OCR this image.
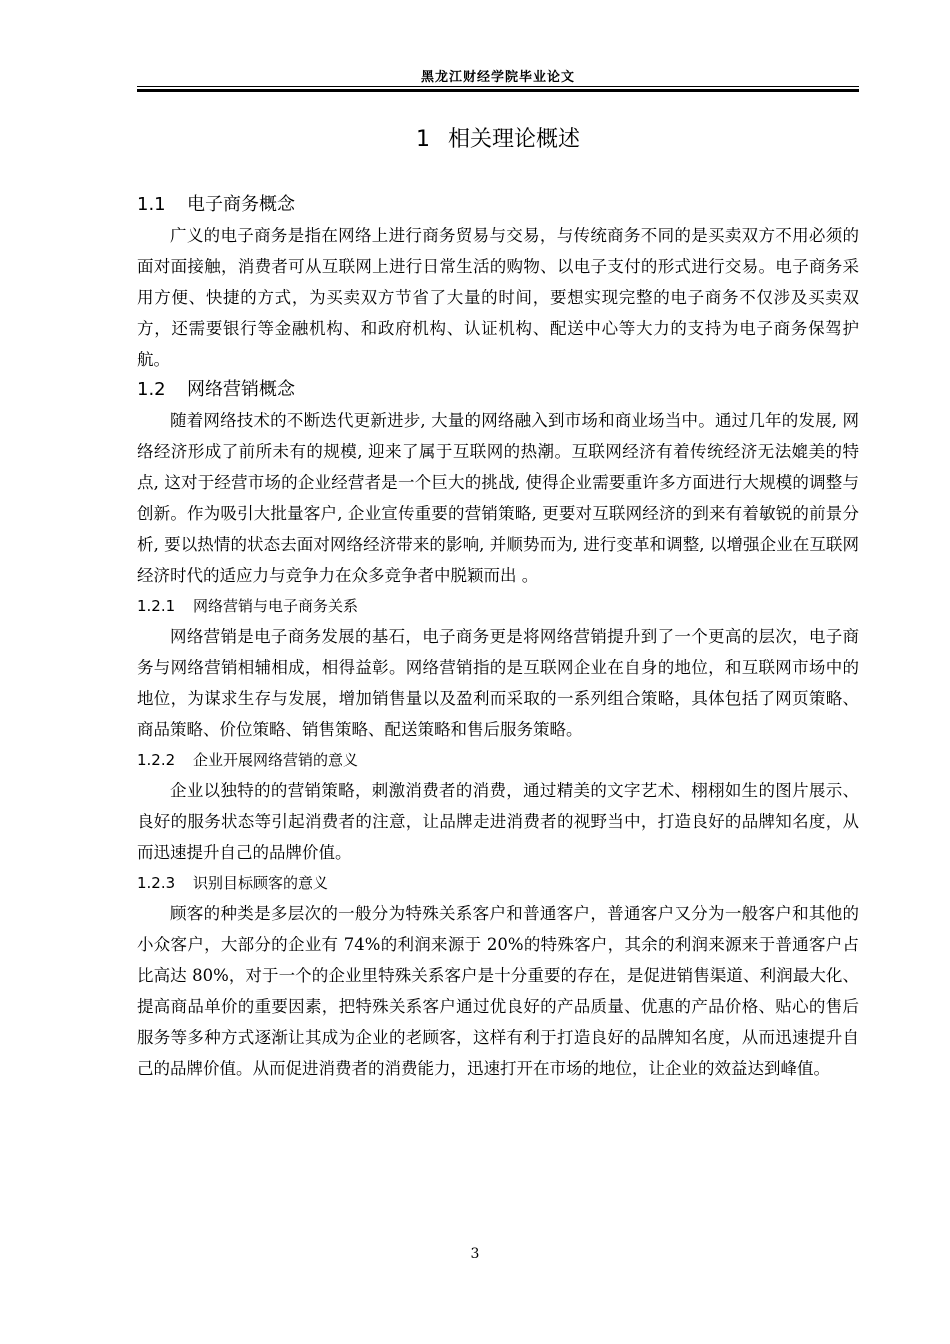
黑龙江财经学院毕业论文
1 相关理论概述
1.1 电子商务概念

广义的电子商务是指在网络上进行商务贸易与交易，与传统商务不同的是买卖双方不用必须的面对面接触，消费者可从互联网上进行日常生活的购物、以电子支付的形式进行交易。电子商务采用方便、快捷的方式，为买卖双方节省了大量的时间，要想实现完整的电子商务不仅涉及买卖双方，还需要银行等金融机构、和政府机构、认证机构、配送中心等大力的支持为电子商务保驾护航。

1.2 网络营销概念

随着网络技术的不断迭代更新进步, 大量的网络融入到市场和商业场当中。通过几年的发展, 网络经济形成了前所未有的规模, 迎来了属于互联网的热潮。互联网经济有着传统经济无法媲美的特点, 这对于经营市场的企业经营者是一个巨大的挑战, 使得企业需要重许多方面进行大规模的调整与创新。作为吸引大批量客户, 企业宣传重要的营销策略, 更要对互联网经济的到来有着敏锐的前景分析, 要以热情的状态去面对网络经济带来的影响, 并顺势而为, 进行变革和调整, 以增强企业在互联网经济时代的适应力与竞争力在众多竞争者中脱颖而出 。

1.2.1 网络营销与电子商务关系

网络营销是电子商务发展的基石，电子商务更是将网络营销提升到了一个更高的层次，电子商务与网络营销相辅相成，相得益彰。网络营销指的是互联网企业在自身的地位，和互联网市场中的地位，为谋求生存与发展，增加销售量以及盈利而采取的一系列组合策略，具体包括了网页策略、商品策略、价位策略、销售策略、配送策略和售后服务策略。

1.2.2 企业开展网络营销的意义

企业以独特的的营销策略，刺激消费者的消费，通过精美的文字艺术、栩栩如生的图片展示、良好的服务状态等引起消费者的注意，让品牌走进消费者的视野当中，打造良好的品牌知名度，从而迅速提升自己的品牌价值。

1.2.3 识别目标顾客的意义

顾客的种类是多层次的一般分为特殊关系客户和普通客户，普通客户又分为一般客户和其他的小众客户，大部分的企业有 74%的利润来源于 20%的特殊客户，其余的利润来源来于普通客户占比高达 80%，对于一个的企业里特殊关系客户是十分重要的存在，是促进销售渠道、利润最大化、提高商品单价的重要因素，把特殊关系客户通过优良好的产品质量、优惠的产品价格、贴心的售后服务等多种方式逐渐让其成为企业的老顾客，这样有利于打造良好的品牌知名度，从而迅速提升自己的品牌价值。从而促进消费者的消费能力，迅速打开在市场的地位，让企业的效益达到峰值。

3
